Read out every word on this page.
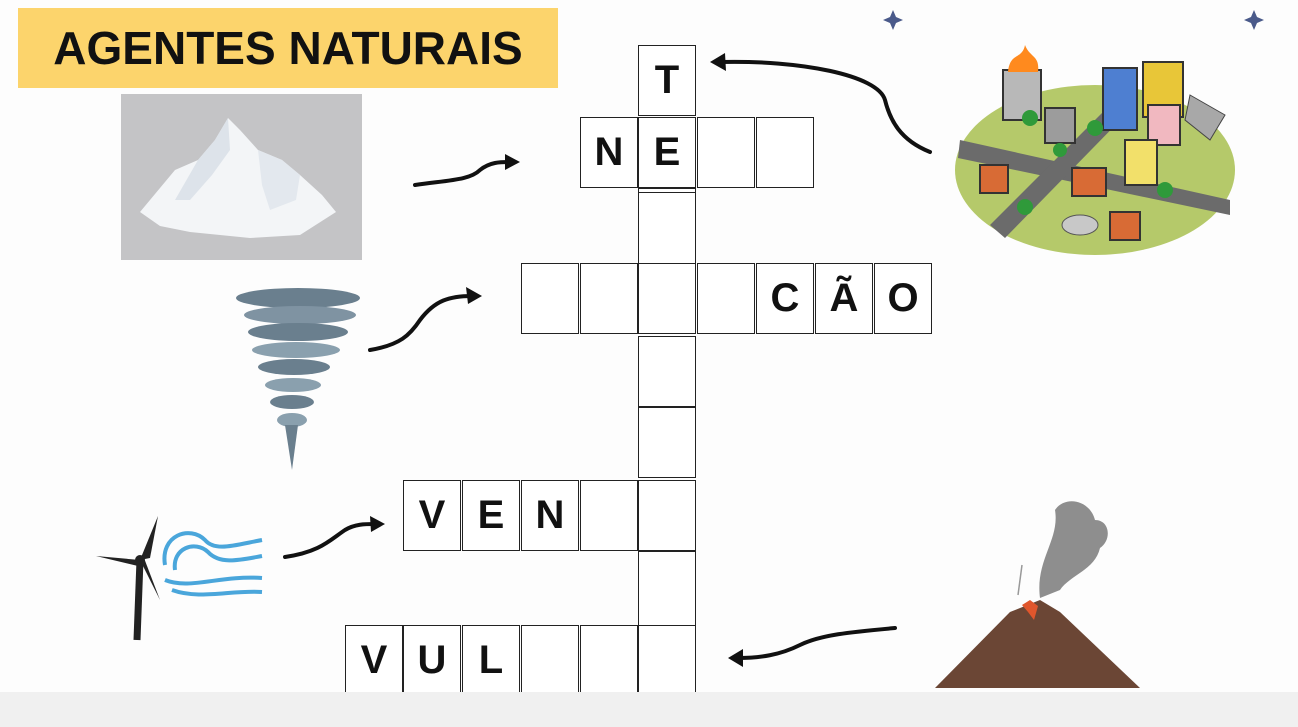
AGENTES NATURAIS
T
N E
C Ã O
V E N
V U L
